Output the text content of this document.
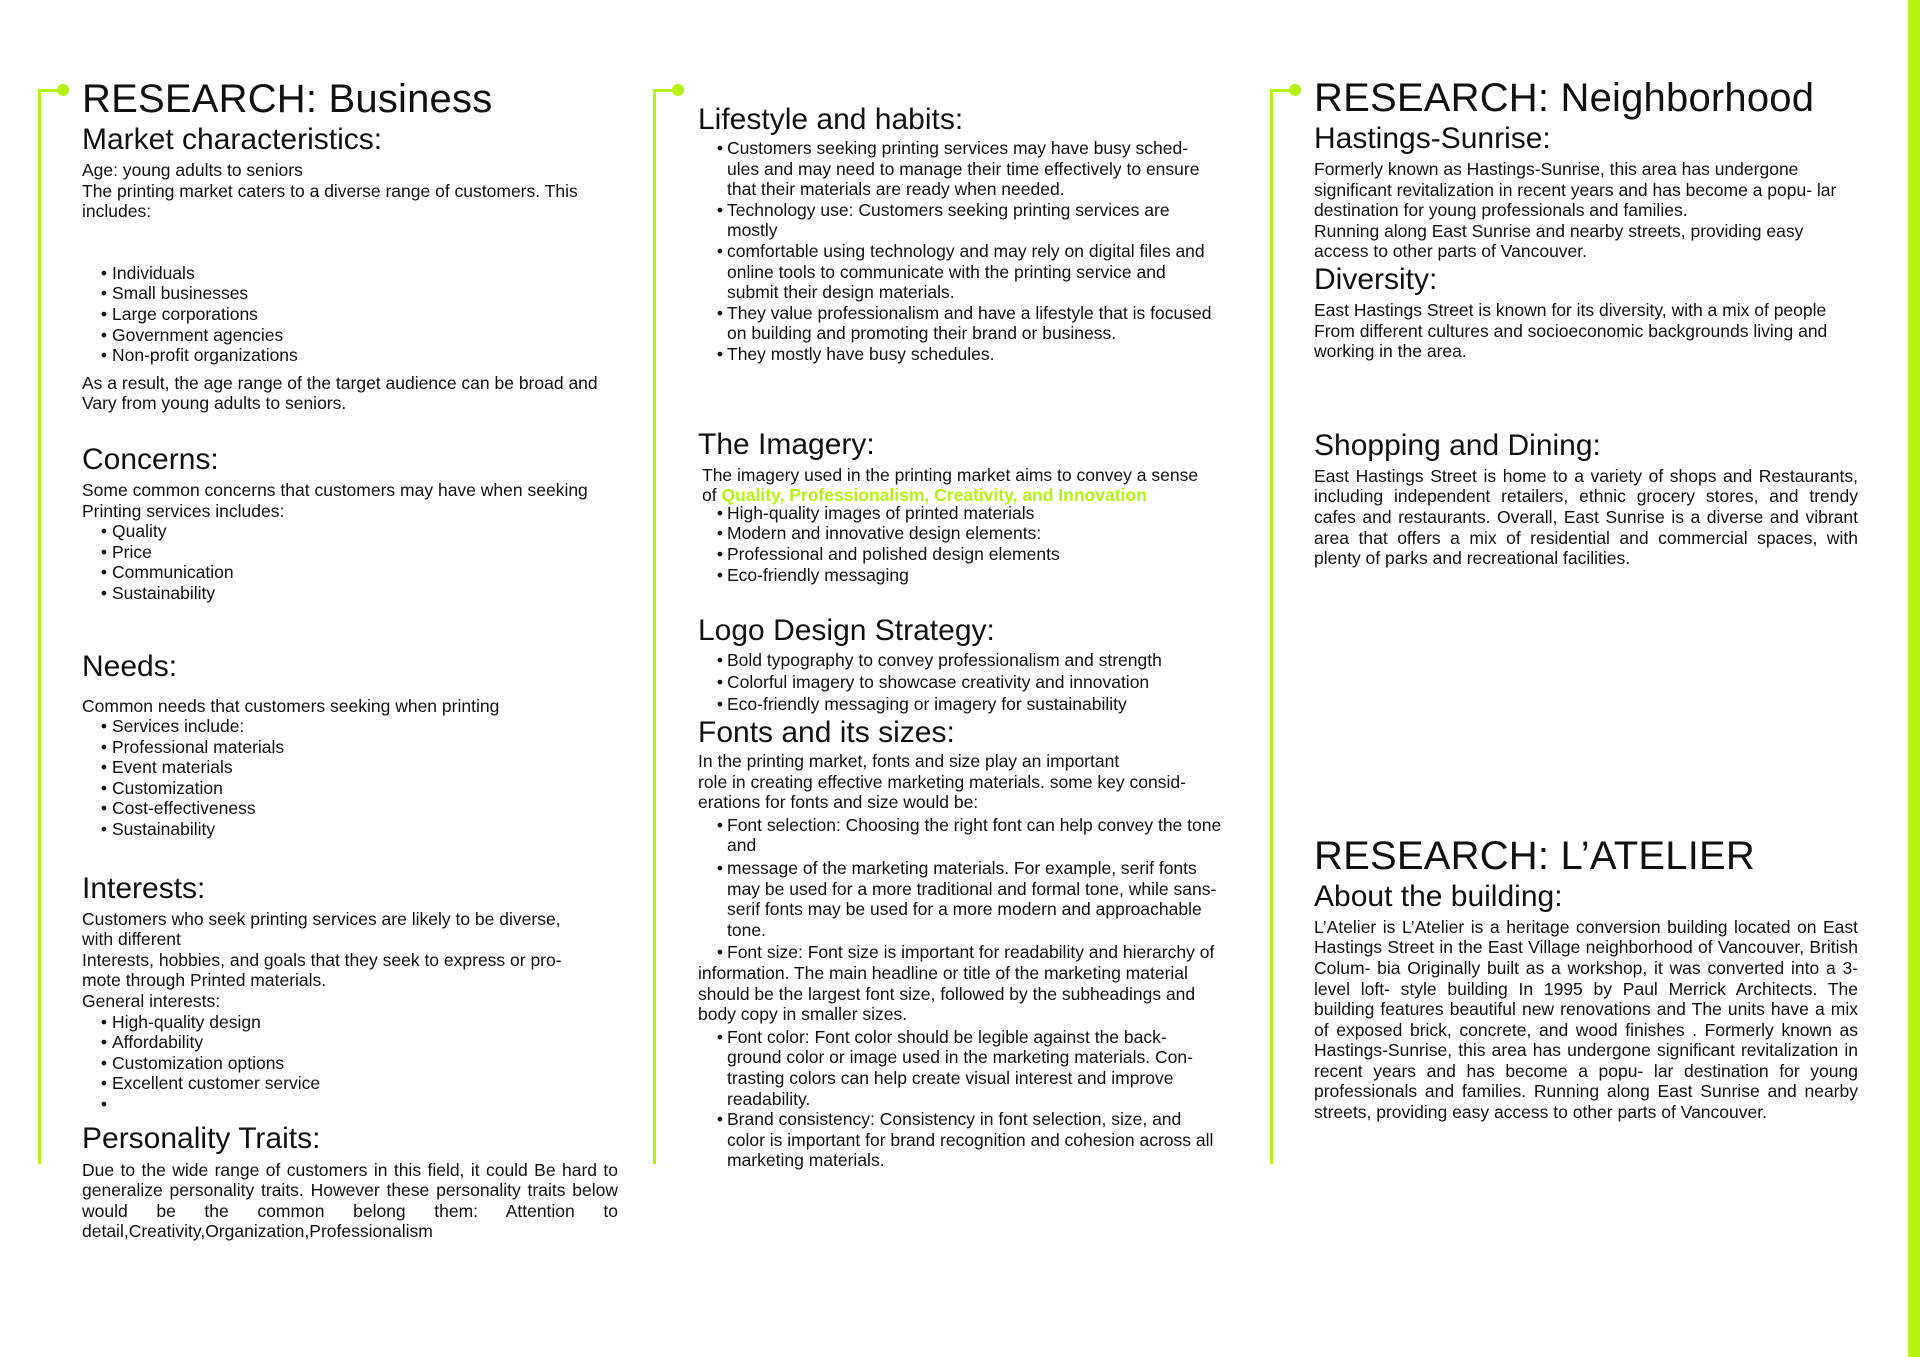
RESEARCH: Business
Market characteristics:

Age: young adults to seniors

The printing market caters to a diverse range of customers. This includes:

• Individuals
• Small businesses
• Large corporations
• Government agencies
• Non-profit organizations

As a result, the age range of the target audience can be broad and Vary from young adults to seniors.

Concerns:

Some common concerns that customers may have when seeking Printing services includes:

• Quality
• Price
• Communication
• Sustainability
Needs:

Common needs that customers seeking when printing

• Services include:
• Professional materials
• Event materials
• Customization
• Cost-effectiveness
• Sustainability
Interests:

Customers who seek printing services are likely to be diverse, with different

Interests, hobbies, and goals that they seek to express or pro- mote through Printed materials.

General interests:

• High-quality design
• Affordability
• Customization options
• Excellent customer service
•
Personality Traits:

Due to the wide range of customers in this field, it could Be hard to generalize personality traits. However these personality traits below would be the common belong them: Attention to detail,Creativity,Organization,Professionalism

Lifestyle and habits:
• Customers seeking printing services may have busy sched- ules and may need to manage their time effectively to ensure that their materials are ready when needed.
• Technology use: Customers seeking printing services are mostly
• comfortable using technology and may rely on digital files and online tools to communicate with the printing service and submit their design materials.
• They value professionalism and have a lifestyle that is focused on building and promoting their brand or business.
• They mostly have busy schedules.
The Imagery:

The imagery used in the printing market aims to convey a sense

of Quality, Professionalism, Creativity, and Innovation

• High-quality images of printed materials
• Modern and innovative design elements:
• Professional and polished design elements
• Eco-friendly messaging
Logo Design Strategy:
• Bold typography to convey professionalism and strength
• Colorful imagery to showcase creativity and innovation
• Eco-friendly messaging or imagery for sustainability
Fonts and its sizes:

In the printing market, fonts and size play an important

role in creating effective marketing materials. some key consid- erations for fonts and size would be:

• Font selection: Choosing the right font can help convey the tone and
• message of the marketing materials. For example, serif fonts may be used for a more traditional and formal tone, while sans-serif fonts may be used for a more modern and approachable tone.
• Font size: Font size is important for readability and hierarchy of

information. The main headline or title of the marketing material should be the largest font size, followed by the subheadings and body copy in smaller sizes.

• Font color: Font color should be legible against the back- ground color or image used in the marketing materials. Con- trasting colors can help create visual interest and improve readability.
• Brand consistency: Consistency in font selection, size, and color is important for brand recognition and cohesion across all marketing materials.
RESEARCH: Neighborhood
Hastings-Sunrise:

Formerly known as Hastings-Sunrise, this area has undergone significant revitalization in recent years and has become a popu- lar destination for young professionals and families.

Running along East Sunrise and nearby streets, providing easy access to other parts of Vancouver.

Diversity:

East Hastings Street is known for its diversity, with a mix of people

From different cultures and socioeconomic backgrounds living and working in the area.

Shopping and Dining:

East Hastings Street is home to a variety of shops and Restaurants, including independent retailers, ethnic grocery stores, and trendy cafes and restaurants. Overall, East Sunrise is a diverse and vibrant area that offers a mix of residential and commercial spaces, with plenty of parks and recreational facilities.

RESEARCH: L’ATELIER
About the building:

L’Atelier is L’Atelier is a heritage conversion building located on East Hastings Street in the East Village neighborhood of Vancouver, British Colum- bia Originally built as a workshop, it was converted into a 3-level loft- style building In 1995 by Paul Merrick Architects. The building features beautiful new renovations and The units have a mix of exposed brick, concrete, and wood finishes . Formerly known as Hastings-Sunrise, this area has undergone significant revitalization in recent years and has become a popu- lar destination for young professionals and families. Running along East Sunrise and nearby streets, providing easy access to other parts of Vancouver.
